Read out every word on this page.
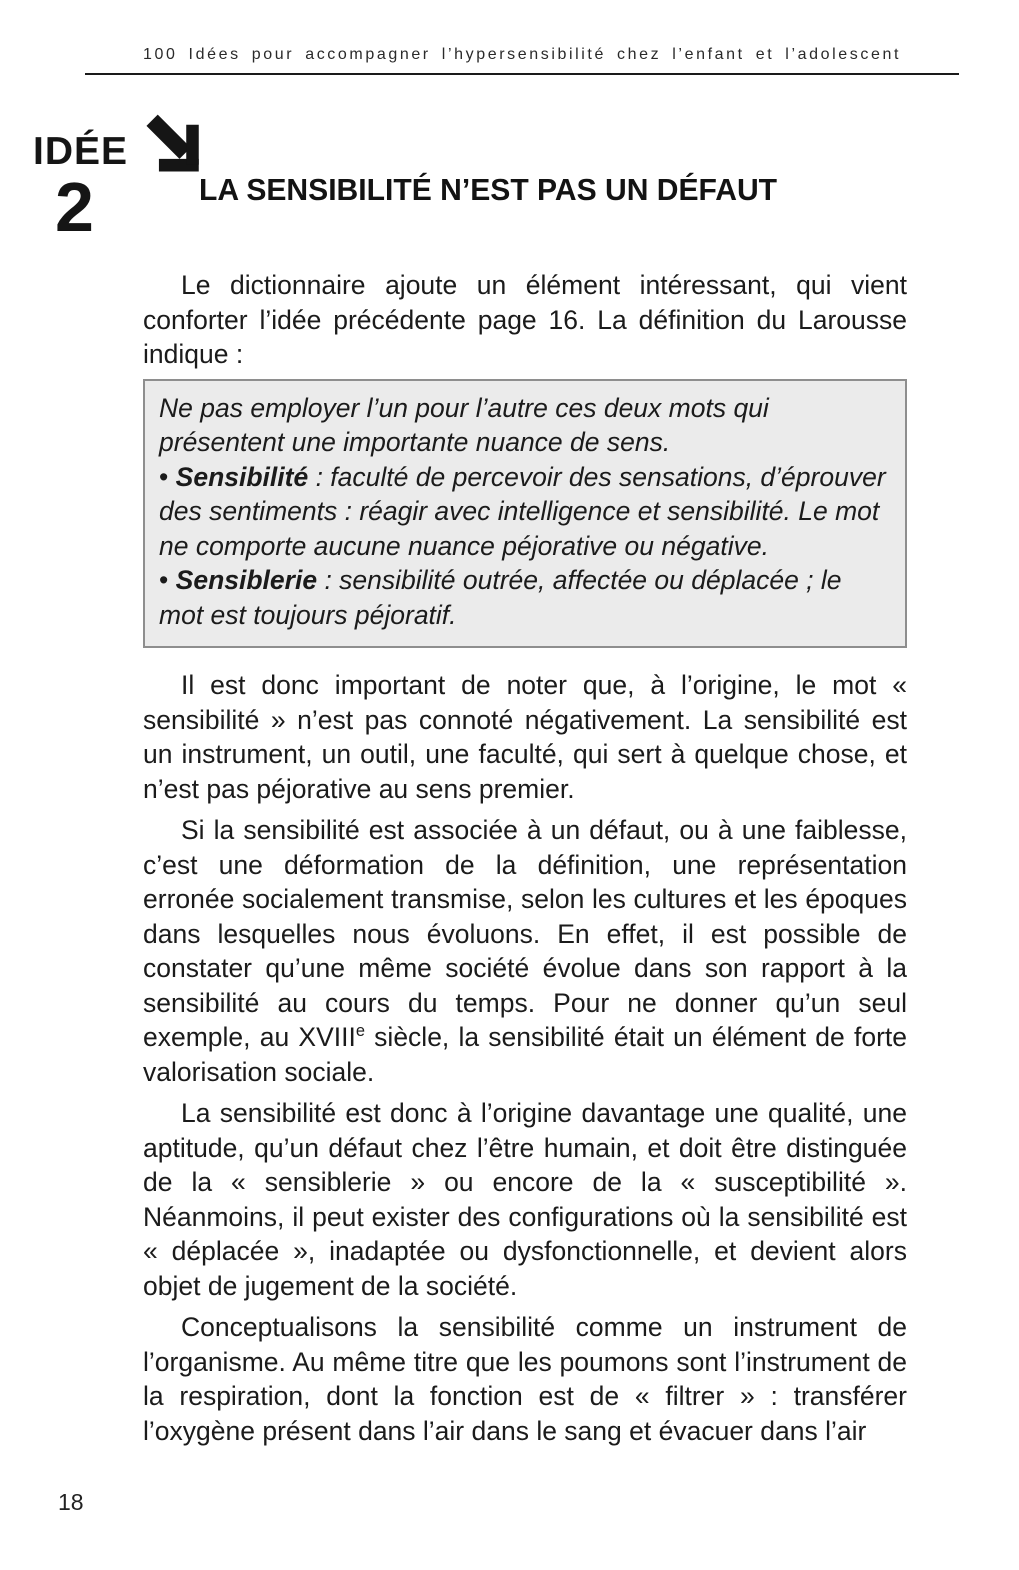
100 Idées pour accompagner l’hypersensibilité chez l’enfant et l’adolescent
IDÉE
2	LA SENSIBILITÉ N’EST PAS UN DÉFAUT

Le dictionnaire ajoute un élément intéressant, qui vient conforter l’idée précédente page 16. La définition du Larousse indique :

Ne pas employer l’un pour l’autre ces deux mots qui présentent une importante nuance de sens.

• Sensibilité : faculté de percevoir des sensations, d’éprouver des sentiments : réagir avec intelligence et sensibilité. Le mot ne comporte aucune nuance péjorative ou négative.

• Sensiblerie : sensibilité outrée, affectée ou déplacée ; le mot est toujours péjoratif.

Il est donc important de noter que, à l’origine, le mot « sensibilité » n’est pas connoté négativement. La sensibilité est un instrument, un outil, une faculté, qui sert à quelque chose, et n’est pas péjorative au sens premier.

Si la sensibilité est associée à un défaut, ou à une faiblesse, c’est une déformation de la définition, une représentation erronée socialement transmise, selon les cultures et les époques dans lesquelles nous évoluons. En effet, il est possible de constater qu’une même société évolue dans son rapport à la sensibilité au cours du temps. Pour ne donner qu’un seul exemple, au XVIIIe siècle, la sensibilité était un élément de forte valorisation sociale.

La sensibilité est donc à l’origine davantage une qualité, une aptitude, qu’un défaut chez l’être humain, et doit être distinguée de la « sensiblerie » ou encore de la « susceptibilité ». Néanmoins, il peut exister des configurations où la sensibilité est « déplacée », inadaptée ou dysfonctionnelle, et devient alors objet de jugement de la société.

Conceptualisons la sensibilité comme un instrument de l’organisme. Au même titre que les poumons sont l’instrument de la respiration, dont la fonction est de « filtrer » : transférer l’oxygène présent dans l’air dans le sang et évacuer dans l’air

18
